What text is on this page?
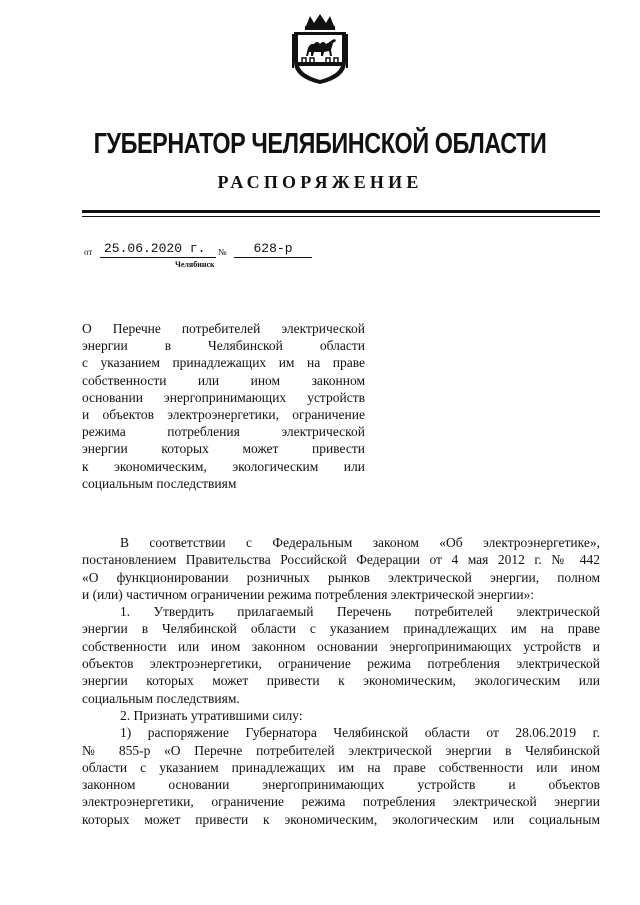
ГУБЕРНАТОР ЧЕЛЯБИНСКОЙ ОБЛАСТИ
РАСПОРЯЖЕНИЕ
от 25.06.2020 г.	№	628-р
Челябинск
О Перечне потребителей электрической
энергии в Челябинской области
с указанием принадлежащих им на праве
собственности или ином законном
основании энергопринимающих устройств
и объектов электроэнергетики, ограничение
режима потребления электрической
энергии которых может привести
к экономическим, экологическим или
социальным последствиям
В соответствии с Федеральным законом «Об электроэнергетике»,
постановлением Правительства Российской Федерации от 4 мая 2012 г. № 442
«О функционировании розничных рынков электрической энергии, полном
и (или) частичном ограничении режима потребления электрической энергии»:
1. Утвердить прилагаемый Перечень потребителей электрической
энергии в Челябинской области с указанием принадлежащих им на праве
собственности или ином законном основании энергопринимающих устройств и
объектов электроэнергетики, ограничение режима потребления электрической
энергии которых может привести к экономическим, экологическим или
социальным последствиям.
2. Признать утратившими силу:
1) распоряжение Губернатора Челябинской области от 28.06.2019 г.
№ 855-р «О Перечне потребителей электрической энергии в Челябинской
области с указанием принадлежащих им на праве собственности или ином
законном основании энергопринимающих устройств и объектов
электроэнергетики, ограничение режима потребления электрической энергии
которых может привести к экономическим, экологическим или социальным
